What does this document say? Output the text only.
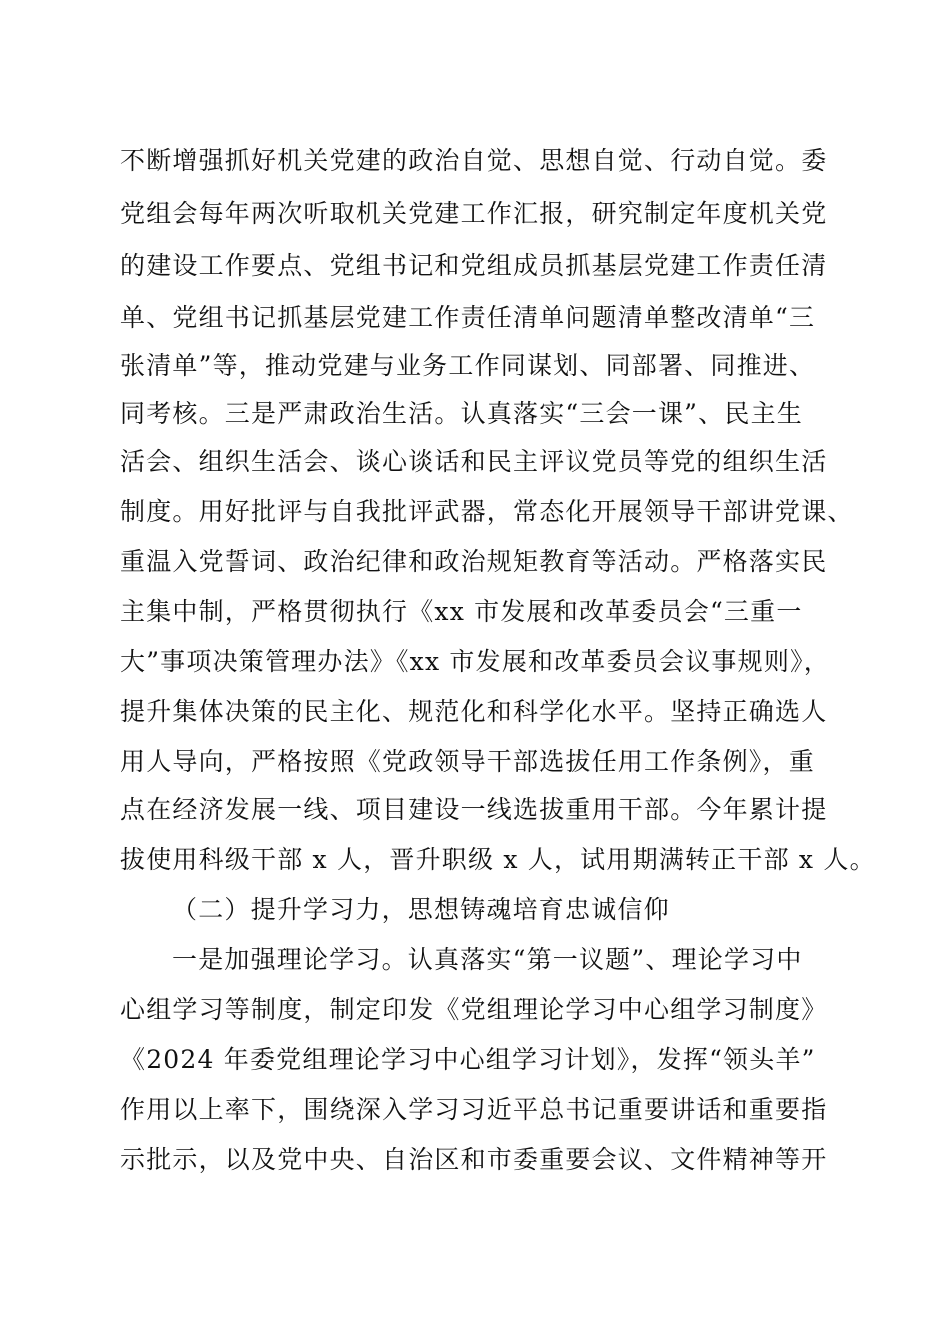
不断增强抓好机关党建的政治自觉、思想自觉、行动自觉。委
党组会每年两次听取机关党建工作汇报，研究制定年度机关党
的建设工作要点、党组书记和党组成员抓基层党建工作责任清
单、党组书记抓基层党建工作责任清单问题清单整改清单“三
张清单”等，推动党建与业务工作同谋划、同部署、同推进、
同考核。三是严肃政治生活。认真落实“三会一课”、民主生
活会、组织生活会、谈心谈话和民主评议党员等党的组织生活
制度。用好批评与自我批评武器，常态化开展领导干部讲党课、
重温入党誓词、政治纪律和政治规矩教育等活动。严格落实民
主集中制，严格贯彻执行《xx 市发展和改革委员会“三重一
大”事项决策管理办法》《xx 市发展和改革委员会议事规则》，
提升集体决策的民主化、规范化和科学化水平。坚持正确选人
用人导向，严格按照《党政领导干部选拔任用工作条例》，重
点在经济发展一线、项目建设一线选拔重用干部。今年累计提
拔使用科级干部 x 人，晋升职级 x 人，试用期满转正干部 x 人。
（二）提升学习力，思想铸魂培育忠诚信仰
一是加强理论学习。认真落实“第一议题”、理论学习中
心组学习等制度，制定印发《党组理论学习中心组学习制度》
《2024 年委党组理论学习中心组学习计划》，发挥“领头羊”
作用以上率下，围绕深入学习习近平总书记重要讲话和重要指
示批示，以及党中央、自治区和市委重要会议、文件精神等开
